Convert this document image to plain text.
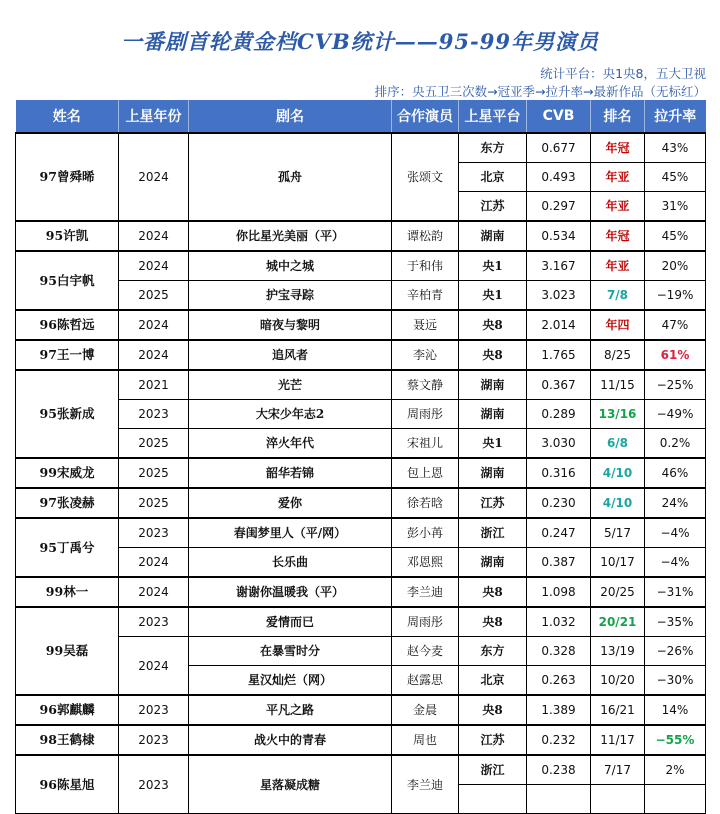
一番剧首轮黄金档CVB统计——95-99年男演员
统计平台：央1央8，五大卫视
排序：央五卫三次数→冠亚季→拉升率→最新作品（无标红）
姓名	上星年份	剧名	合作演员	上星平台	CVB	排名	拉升率
97曾舜晞	2024	孤舟	张颂文	东方	0.677	年冠	43%
				北京	0.493	年亚	45%
				江苏	0.297	年亚	31%
95许凯	2024	你比星光美丽（平）	谭松韵	湖南	0.534	年冠	45%
95白宇帆	2024	城中之城	于和伟	央1	3.167	年亚	20%
	2025	护宝寻踪	辛柏青	央1	3.023	7/8	−19%
96陈哲远	2024	暗夜与黎明	聂远	央8	2.014	年四	47%
97王一博	2024	追风者	李沁	央8	1.765	8/25	61%
95张新成	2021	光芒	蔡文静	湖南	0.367	11/15	−25%
	2023	大宋少年志2	周雨彤	湖南	0.289	13/16	−49%
	2025	淬火年代	宋祖儿	央1	3.030	6/8	0.2%
99宋威龙	2025	韶华若锦	包上恩	湖南	0.316	4/10	46%
97张凌赫	2025	爱你	徐若晗	江苏	0.230	4/10	24%
95丁禹兮	2023	春闺梦里人（平/网）	彭小苒	浙江	0.247	5/17	−4%
	2024	长乐曲	邓恩熙	湖南	0.387	10/17	−4%
99林一	2024	谢谢你温暖我（平）	李兰迪	央8	1.098	20/25	−31%
99吴磊	2023	爱情而已	周雨彤	央8	1.032	20/21	−35%
	2024	在暴雪时分	赵今麦	东方	0.328	13/19	−26%
		星汉灿烂（网）	赵露思	北京	0.263	10/20	−30%
96郭麒麟	2023	平凡之路	金晨	央8	1.389	16/21	14%
98王鹤棣	2023	战火中的青春	周也	江苏	0.232	11/17	−55%
96陈星旭	2023	星落凝成糖	李兰迪	浙江	0.238	7/17	2%
